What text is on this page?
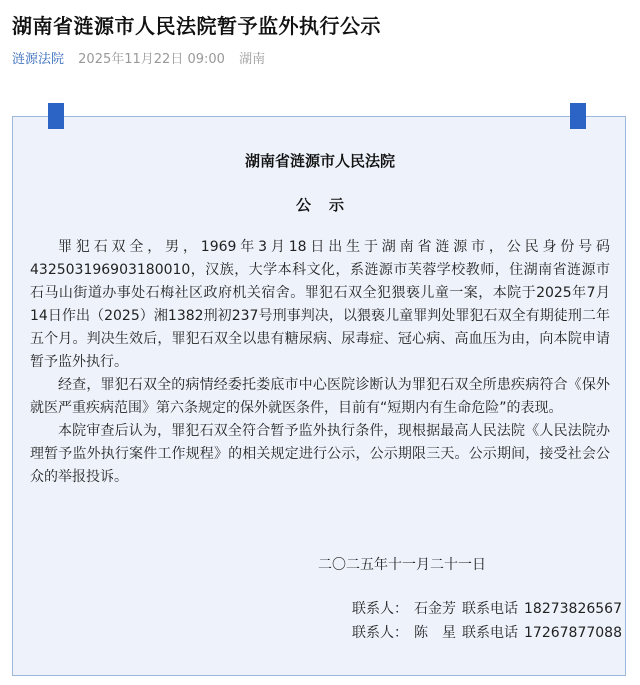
湖南省涟源市人民法院暂予监外执行公示
涟源法院 2025年11月22日 09:00 湖南
湖南省涟源市人民法院
公示

罪犯石双全，男，1969年3月18日出生于湖南省涟源市，公民身份号码432503196903180010，汉族，大学本科文化，系涟源市芙蓉学校教师，住湖南省涟源市石马山街道办事处石梅社区政府机关宿舍。罪犯石双全犯猥亵儿童一案，本院于2025年7月14日作出（2025）湘1382刑初237号刑事判决，以猥亵儿童罪判处罪犯石双全有期徒刑二年五个月。判决生效后，罪犯石双全以患有糖尿病、尿毒症、冠心病、高血压为由，向本院申请暂予监外执行。

经查，罪犯石双全的病情经委托娄底市中心医院诊断认为罪犯石双全所患疾病符合《保外就医严重疾病范围》第六条规定的保外就医条件，目前有“短期内有生命危险”的表现。

本院审查后认为，罪犯石双全符合暂予监外执行条件，现根据最高人民法院《人民法院办理暂予监外执行案件工作规程》的相关规定进行公示，公示期限三天。公示期间，接受社会公众的举报投诉。

二〇二五年十一月二十一日
联系人： 石金芳 联系电话 18273826567
联系人： 陈　星 联系电话 17267877088
